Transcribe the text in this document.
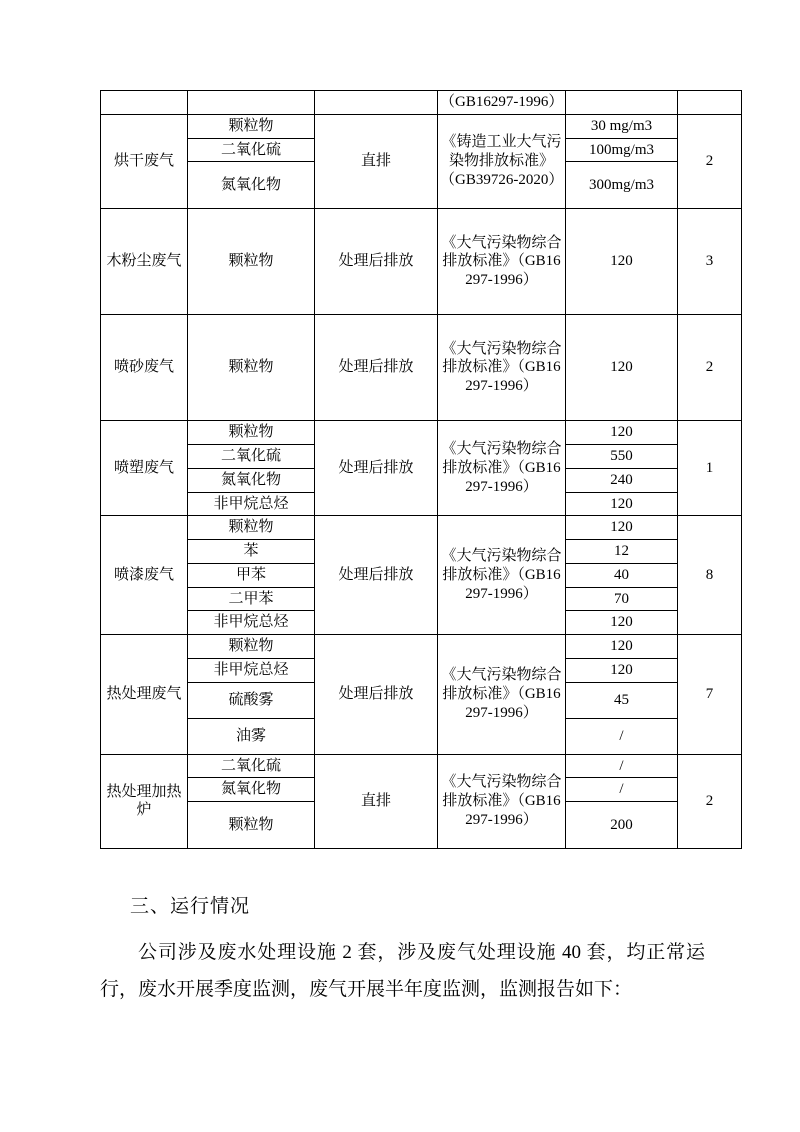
			（GB16297-1996）		
烘干废气	颗粒物	直排	《铸造工业大气污染物排放标准》（GB39726-2020）	30 mg/m3	2
	二氧化硫			100mg/m3	
	氮氧化物			300mg/m3	
木粉尘废气	颗粒物	处理后排放	《大气污染物综合排放标准》（GB16297-1996）	120	3
喷砂废气	颗粒物	处理后排放	《大气污染物综合排放标准》（GB16297-1996）	120	2
喷塑废气	颗粒物	处理后排放	《大气污染物综合排放标准》（GB16297-1996）	120	1
	二氧化硫			550	
	氮氧化物			240	
	非甲烷总烃			120	
喷漆废气	颗粒物	处理后排放	《大气污染物综合排放标准》（GB16297-1996）	120	8
	苯			12	
	甲苯			40	
	二甲苯			70	
	非甲烷总烃			120	
热处理废气	颗粒物	处理后排放	《大气污染物综合排放标准》（GB16297-1996）	120	7
	非甲烷总烃			120	
	硫酸雾			45	
	油雾			/	
热处理加热炉	二氧化硫	直排	《大气污染物综合排放标准》（GB16297-1996）	/	2
	氮氧化物			/	
	颗粒物			200	
三、运行情况
公司涉及废水处理设施 2 套，涉及废气处理设施 40 套，均正常运行，废水开展季度监测，废气开展半年度监测，监测报告如下：
